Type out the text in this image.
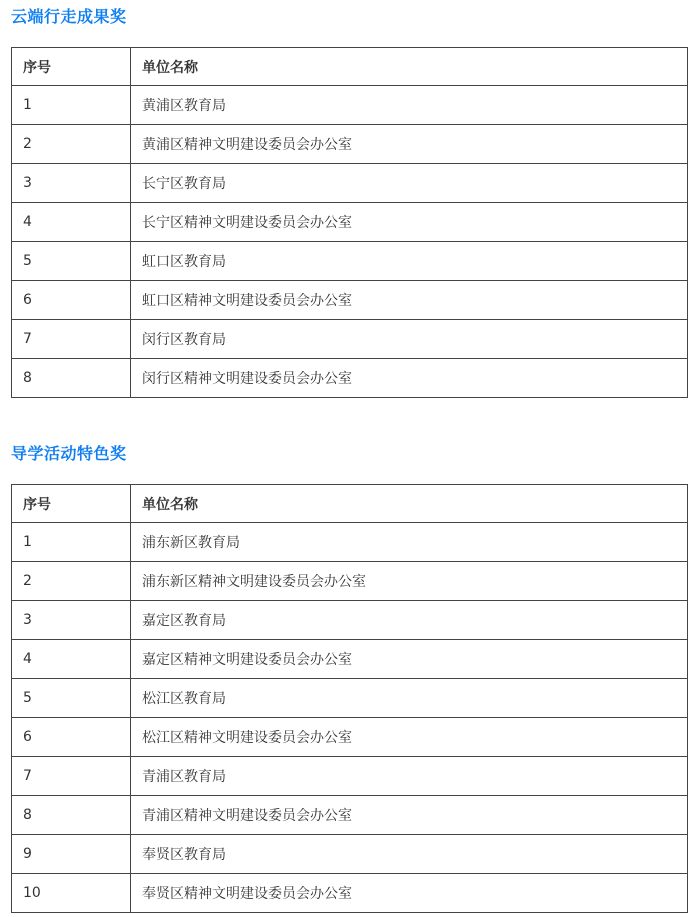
云端行走成果奖
序号	单位名称
1	黄浦区教育局
2	黄浦区精神文明建设委员会办公室
3	长宁区教育局
4	长宁区精神文明建设委员会办公室
5	虹口区教育局
6	虹口区精神文明建设委员会办公室
7	闵行区教育局
8	闵行区精神文明建设委员会办公室
导学活动特色奖
序号	单位名称
1	浦东新区教育局
2	浦东新区精神文明建设委员会办公室
3	嘉定区教育局
4	嘉定区精神文明建设委员会办公室
5	松江区教育局
6	松江区精神文明建设委员会办公室
7	青浦区教育局
8	青浦区精神文明建设委员会办公室
9	奉贤区教育局
10	奉贤区精神文明建设委员会办公室
